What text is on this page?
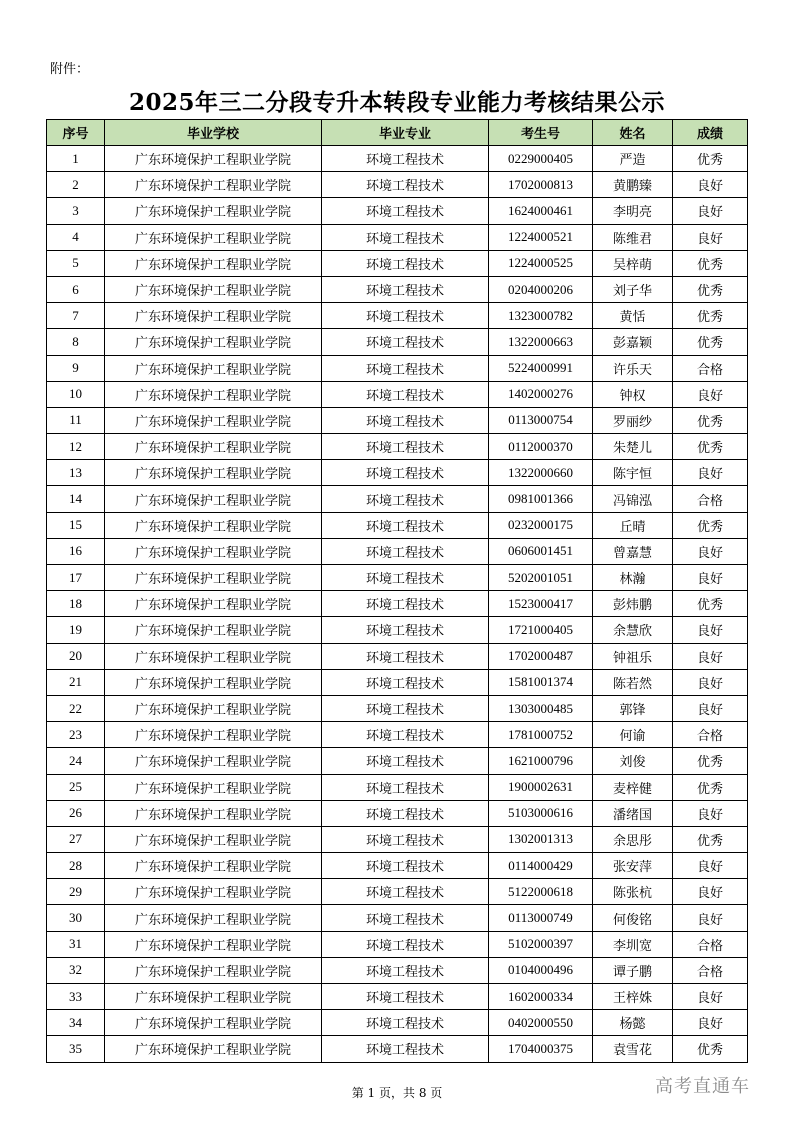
附件：
2025年三二分段专升本转段专业能力考核结果公示
序号	毕业学校	毕业专业	考生号	姓名	成绩
1	广东环境保护工程职业学院	环境工程技术	0229000405	严造	优秀
2	广东环境保护工程职业学院	环境工程技术	1702000813	黄鹏臻	良好
3	广东环境保护工程职业学院	环境工程技术	1624000461	李明亮	良好
4	广东环境保护工程职业学院	环境工程技术	1224000521	陈维君	良好
5	广东环境保护工程职业学院	环境工程技术	1224000525	吴梓萌	优秀
6	广东环境保护工程职业学院	环境工程技术	0204000206	刘子华	优秀
7	广东环境保护工程职业学院	环境工程技术	1323000782	黄恬	优秀
8	广东环境保护工程职业学院	环境工程技术	1322000663	彭嘉颖	优秀
9	广东环境保护工程职业学院	环境工程技术	5224000991	许乐天	合格
10	广东环境保护工程职业学院	环境工程技术	1402000276	钟权	良好
11	广东环境保护工程职业学院	环境工程技术	0113000754	罗丽纱	优秀
12	广东环境保护工程职业学院	环境工程技术	0112000370	朱楚儿	优秀
13	广东环境保护工程职业学院	环境工程技术	1322000660	陈宇恒	良好
14	广东环境保护工程职业学院	环境工程技术	0981001366	冯锦泓	合格
15	广东环境保护工程职业学院	环境工程技术	0232000175	丘晴	优秀
16	广东环境保护工程职业学院	环境工程技术	0606001451	曾嘉慧	良好
17	广东环境保护工程职业学院	环境工程技术	5202001051	林瀚	良好
18	广东环境保护工程职业学院	环境工程技术	1523000417	彭炜鹏	优秀
19	广东环境保护工程职业学院	环境工程技术	1721000405	余慧欣	良好
20	广东环境保护工程职业学院	环境工程技术	1702000487	钟祖乐	良好
21	广东环境保护工程职业学院	环境工程技术	1581001374	陈若然	良好
22	广东环境保护工程职业学院	环境工程技术	1303000485	郭锋	良好
23	广东环境保护工程职业学院	环境工程技术	1781000752	何谕	合格
24	广东环境保护工程职业学院	环境工程技术	1621000796	刘俊	优秀
25	广东环境保护工程职业学院	环境工程技术	1900002631	麦梓健	优秀
26	广东环境保护工程职业学院	环境工程技术	5103000616	潘绪国	良好
27	广东环境保护工程职业学院	环境工程技术	1302001313	余思彤	优秀
28	广东环境保护工程职业学院	环境工程技术	0114000429	张安萍	良好
29	广东环境保护工程职业学院	环境工程技术	5122000618	陈张杭	良好
30	广东环境保护工程职业学院	环境工程技术	0113000749	何俊铭	良好
31	广东环境保护工程职业学院	环境工程技术	5102000397	李圳宽	合格
32	广东环境保护工程职业学院	环境工程技术	0104000496	谭子鹏	合格
33	广东环境保护工程职业学院	环境工程技术	1602000334	王梓姝	良好
34	广东环境保护工程职业学院	环境工程技术	0402000550	杨懿	良好
35	广东环境保护工程职业学院	环境工程技术	1704000375	袁雪花	优秀
第 1 页，共 8 页	高考直通车
